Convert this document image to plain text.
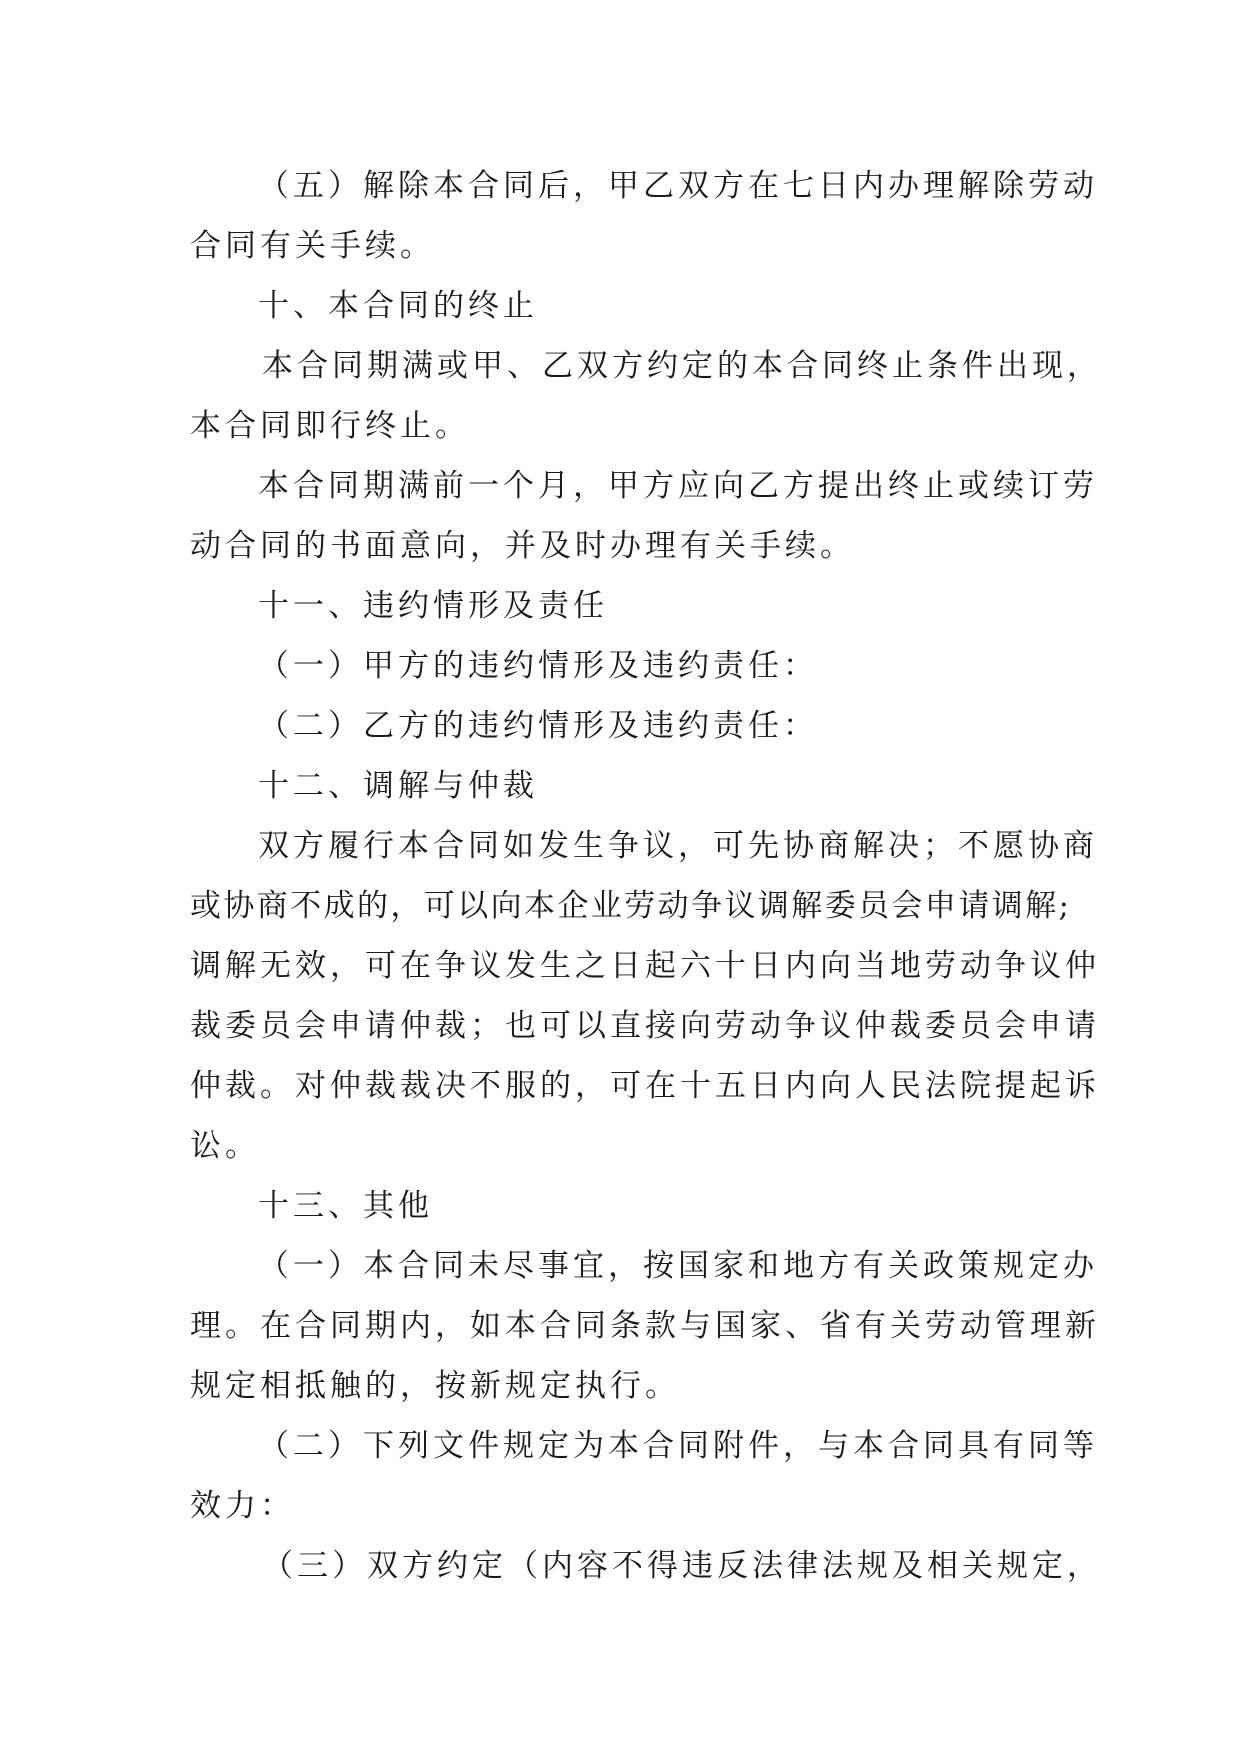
（五）解除本合同后，甲乙双方在七日内办理解除劳动
合同有关手续。
十、本合同的终止
本合同期满或甲、乙双方约定的本合同终止条件出现，
本合同即行终止。
本合同期满前一个月，甲方应向乙方提出终止或续订劳
动合同的书面意向，并及时办理有关手续。
十一、违约情形及责任
（一）甲方的违约情形及违约责任：
（二）乙方的违约情形及违约责任：
十二、调解与仲裁
双方履行本合同如发生争议，可先协商解决；不愿协商
或协商不成的，可以向本企业劳动争议调解委员会申请调解;
调解无效，可在争议发生之日起六十日内向当地劳动争议仲
裁委员会申请仲裁；也可以直接向劳动争议仲裁委员会申请
仲裁。对仲裁裁决不服的，可在十五日内向人民法院提起诉
讼。
十三、其他
（一）本合同未尽事宜，按国家和地方有关政策规定办
理。在合同期内，如本合同条款与国家、省有关劳动管理新
规定相抵触的，按新规定执行。
（二）下列文件规定为本合同附件，与本合同具有同等
效力：
（三）双方约定（内容不得违反法律法规及相关规定，
